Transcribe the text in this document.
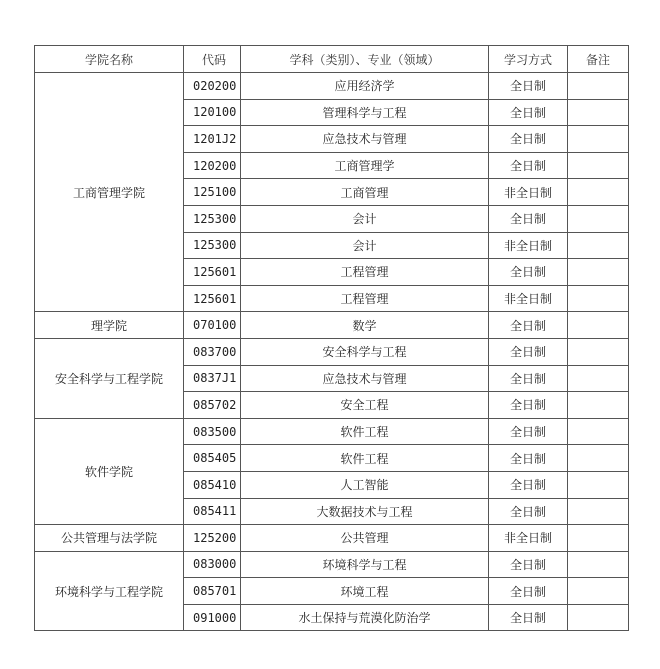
学院名称	代码	学科（类别）、专业（领域）	学习方式	备注
工商管理学院	020200	应用经济学	全日制	
	120100	管理科学与工程	全日制	
	1201J2	应急技术与管理	全日制	
	120200	工商管理学	全日制	
	125100	工商管理	非全日制	
	125300	会计	全日制	
	125300	会计	非全日制	
	125601	工程管理	全日制	
	125601	工程管理	非全日制	
理学院	070100	数学	全日制	
安全科学与工程学院	083700	安全科学与工程	全日制	
	0837J1	应急技术与管理	全日制	
	085702	安全工程	全日制	
软件学院	083500	软件工程	全日制	
	085405	软件工程	全日制	
	085410	人工智能	全日制	
	085411	大数据技术与工程	全日制	
公共管理与法学院	125200	公共管理	非全日制	
环境科学与工程学院	083000	环境科学与工程	全日制	
	085701	环境工程	全日制	
	091000	水土保持与荒漠化防治学	全日制	
